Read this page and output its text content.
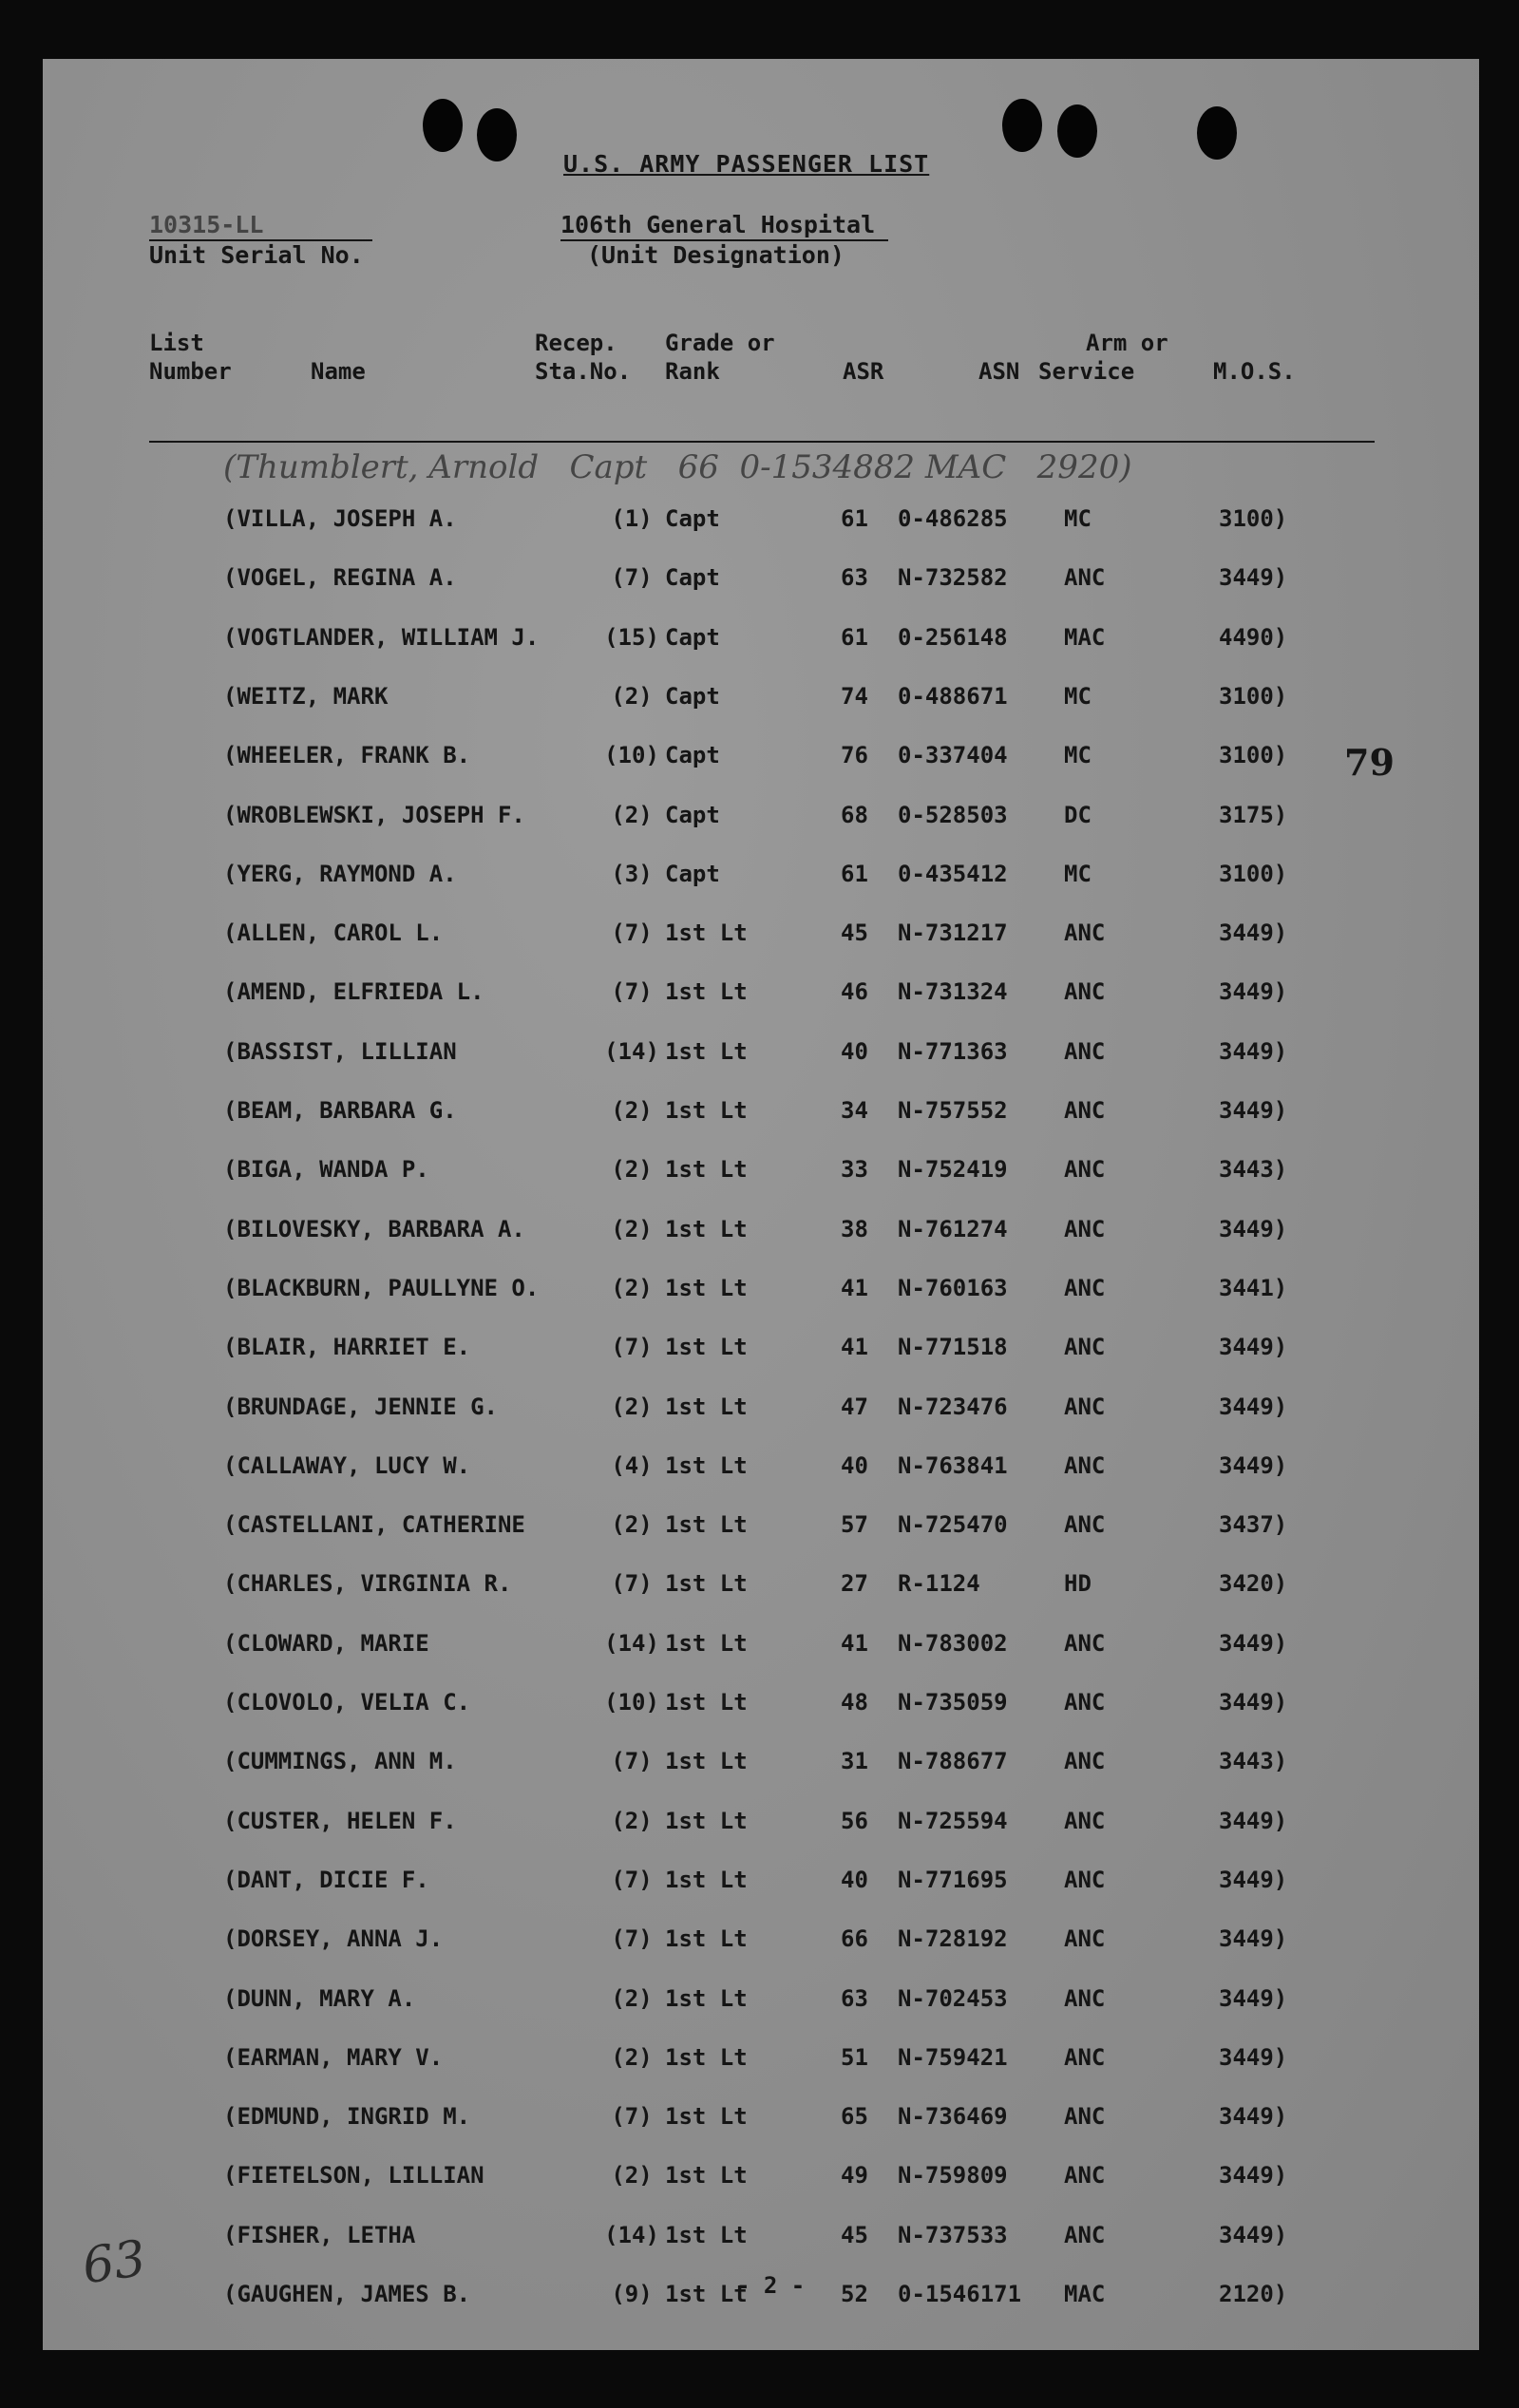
U.S. ARMY PASSENGER LIST
10315-LL
Unit Serial No.
106th General Hospital
(Unit Designation)
List
Number	Name
Recep.
Sta.No.
Grade or
Rank	ASR	ASN
Arm or
Service	M.O.S.
(Thumblert, Arnold   Capt   66  0-1534882 MAC   2920)
(VILLA, JOSEPH A.	(1) Capt	61 0-486285 MC	3100)
(VOGEL, REGINA A.	(7) Capt	63 N-732582 ANC	3449)
(VOGTLANDER, WILLIAM J.	(15) Capt	61 0-256148 MAC	4490)
(WEITZ, MARK	(2) Capt	74 0-488671 MC	3100)
(WHEELER, FRANK B.	(10) Capt	76 0-337404 MC	3100)
(WROBLEWSKI, JOSEPH F.	(2) Capt	68 0-528503 DC	3175)
(YERG, RAYMOND A.	(3) Capt	61 0-435412 MC	3100)
(ALLEN, CAROL L.	(7) 1st Lt	45 N-731217 ANC	3449)
(AMEND, ELFRIEDA L.	(7) 1st Lt	46 N-731324 ANC	3449)
(BASSIST, LILLIAN	(14) 1st Lt	40 N-771363 ANC	3449)
(BEAM, BARBARA G.	(2) 1st Lt	34 N-757552 ANC	3449)
(BIGA, WANDA P.	(2) 1st Lt	33 N-752419 ANC	3443)
(BILOVESKY, BARBARA A.	(2) 1st Lt	38 N-761274 ANC	3449)
(BLACKBURN, PAULLYNE O.	(2) 1st Lt	41 N-760163 ANC	3441)
(BLAIR, HARRIET E.	(7) 1st Lt	41 N-771518 ANC	3449)
(BRUNDAGE, JENNIE G.	(2) 1st Lt	47 N-723476 ANC	3449)
(CALLAWAY, LUCY W.	(4) 1st Lt	40 N-763841 ANC	3449)
(CASTELLANI, CATHERINE	(2) 1st Lt	57 N-725470 ANC	3437)
(CHARLES, VIRGINIA R.	(7) 1st Lt	27 R-1124	HD	3420)
(CLOWARD, MARIE	(14) 1st Lt	41 N-783002 ANC	3449)
(CLOVOLO, VELIA C.	(10) 1st Lt	48 N-735059 ANC	3449)
(CUMMINGS, ANN M.	(7) 1st Lt	31 N-788677 ANC	3443)
(CUSTER, HELEN F.	(2) 1st Lt	56 N-725594 ANC	3449)
(DANT, DICIE F.	(7) 1st Lt	40 N-771695 ANC	3449)
(DORSEY, ANNA J.	(7) 1st Lt	66 N-728192 ANC	3449)
(DUNN, MARY A.	(2) 1st Lt	63 N-702453 ANC	3449)
(EARMAN, MARY V.	(2) 1st Lt	51 N-759421 ANC	3449)
(EDMUND, INGRID M.	(7) 1st Lt	65 N-736469 ANC	3449)
(FIETELSON, LILLIAN	(2) 1st Lt	49 N-759809 ANC	3449)
(FISHER, LETHA	(14) 1st Lt	45 N-737533 ANC	3449)
(GAUGHEN, JAMES B.	(9) 1st Lt	52 0-1546171 MAC	2120)
79
- 2 -
63
